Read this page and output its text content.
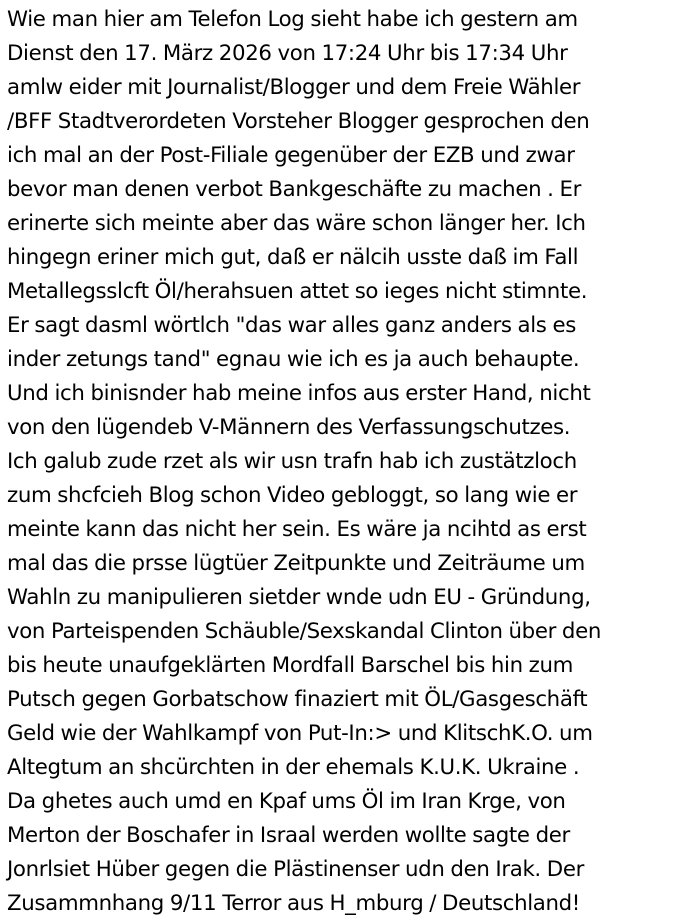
Wie man hier am Telefon Log sieht habe ich gestern am
Dienst den 17. März 2026 von 17:24 Uhr bis 17:34 Uhr
amlw eider mit Journalist/Blogger und dem Freie Wähler
/BFF Stadtverordeten Vorsteher Blogger gesprochen den
ich mal an der Post-Filiale gegenüber der EZB und zwar
bevor man denen verbot Bankgeschäfte zu machen . Er
erinerte sich meinte aber das wäre schon länger her. Ich
hingegn eriner mich gut, daß er nälcih usste daß im Fall
Metallegsslcft Öl/herahsuen attet so ieges nicht stimnte.
Er sagt dasml wörtlch "das war alles ganz anders als es
inder zetungs tand" egnau wie ich es ja auch behaupte.
Und ich binisnder hab meine infos aus erster Hand, nicht
von den lügendeb V-Männern des Verfassungschutzes.
Ich galub zude rzet als wir usn trafn hab ich zustätzloch
zum shcfcieh Blog schon Video gebloggt, so lang wie er
meinte kann das nicht her sein. Es wäre ja ncihtd as erst
mal das die prsse lügtüer Zeitpunkte und Zeiträume um
Wahln zu manipulieren sietder wnde udn EU - Gründung,
von Parteispenden Schäuble/Sexskandal Clinton über den
bis heute unaufgeklärten Mordfall Barschel bis hin zum
Putsch gegen Gorbatschow finaziert mit ÖL/Gasgeschäft
Geld wie der Wahlkampf von Put-In:> und KlitschK.O. um
Altegtum an shcürchten in der ehemals K.U.K. Ukraine .
Da ghetes auch umd en Kpaf ums Öl im Iran Krge, von
Merton der Boschafer in Israal werden wollte sagte der
Jonrlsiet Hüber gegen die Plästinenser udn den Irak. Der
Zusammnhang 9/11 Terror aus H_mburg / Deutschland!
